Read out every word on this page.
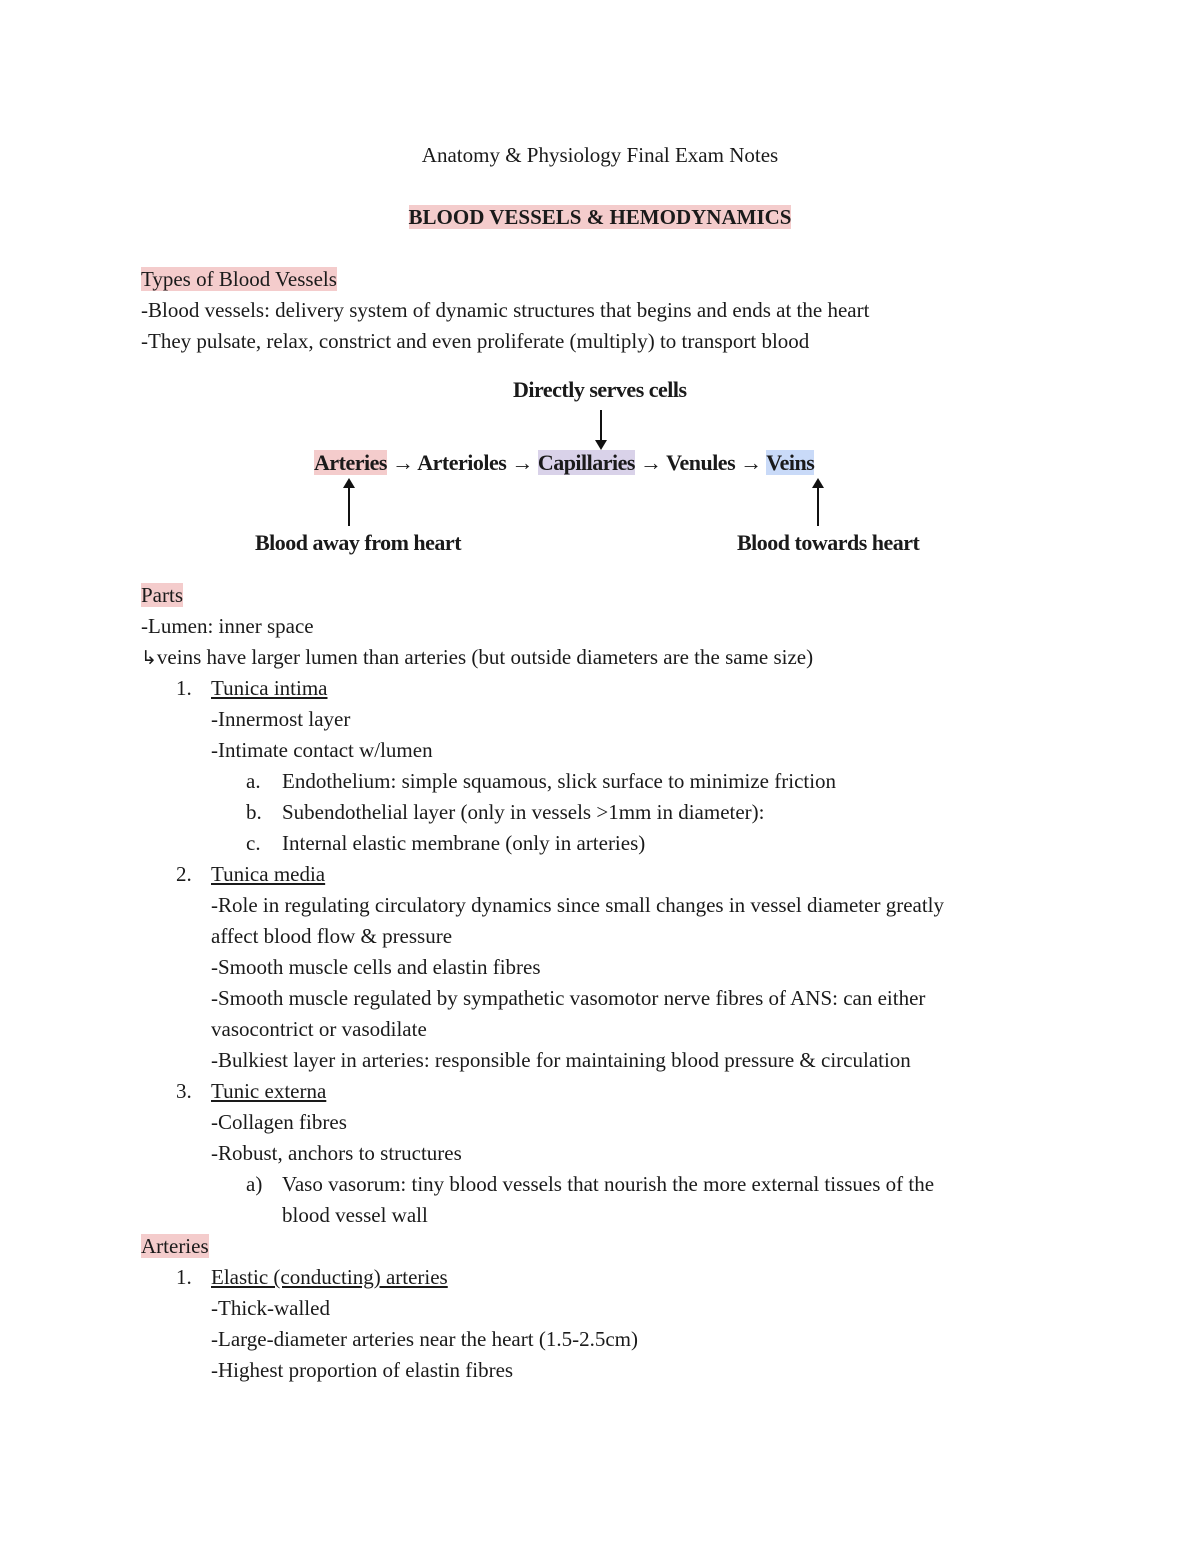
Anatomy & Physiology Final Exam Notes
BLOOD VESSELS & HEMODYNAMICS
Types of Blood Vessels
-Blood vessels: delivery system of dynamic structures that begins and ends at the heart
-They pulsate, relax, constrict and even proliferate (multiply) to transport blood
Directly serves cells
Arteries → Arterioles → Capillaries → Venules → Veins
Blood away from heart	Blood towards heart
Parts
-Lumen: inner space
↳veins have larger lumen than arteries (but outside diameters are the same size)
1. Tunica intima
-Innermost layer
-Intimate contact w/lumen
a. Endothelium: simple squamous, slick surface to minimize friction
b. Subendothelial layer (only in vessels >1mm in diameter):
c. Internal elastic membrane (only in arteries)
2. Tunica media
-Role in regulating circulatory dynamics since small changes in vessel diameter greatly
affect blood flow & pressure
-Smooth muscle cells and elastin fibres
-Smooth muscle regulated by sympathetic vasomotor nerve fibres of ANS: can either
vasocontrict or vasodilate
-Bulkiest layer in arteries: responsible for maintaining blood pressure & circulation
3. Tunic externa
-Collagen fibres
-Robust, anchors to structures
a) Vaso vasorum: tiny blood vessels that nourish the more external tissues of the
blood vessel wall
Arteries
1. Elastic (conducting) arteries
-Thick-walled
-Large-diameter arteries near the heart (1.5-2.5cm)
-Highest proportion of elastin fibres
